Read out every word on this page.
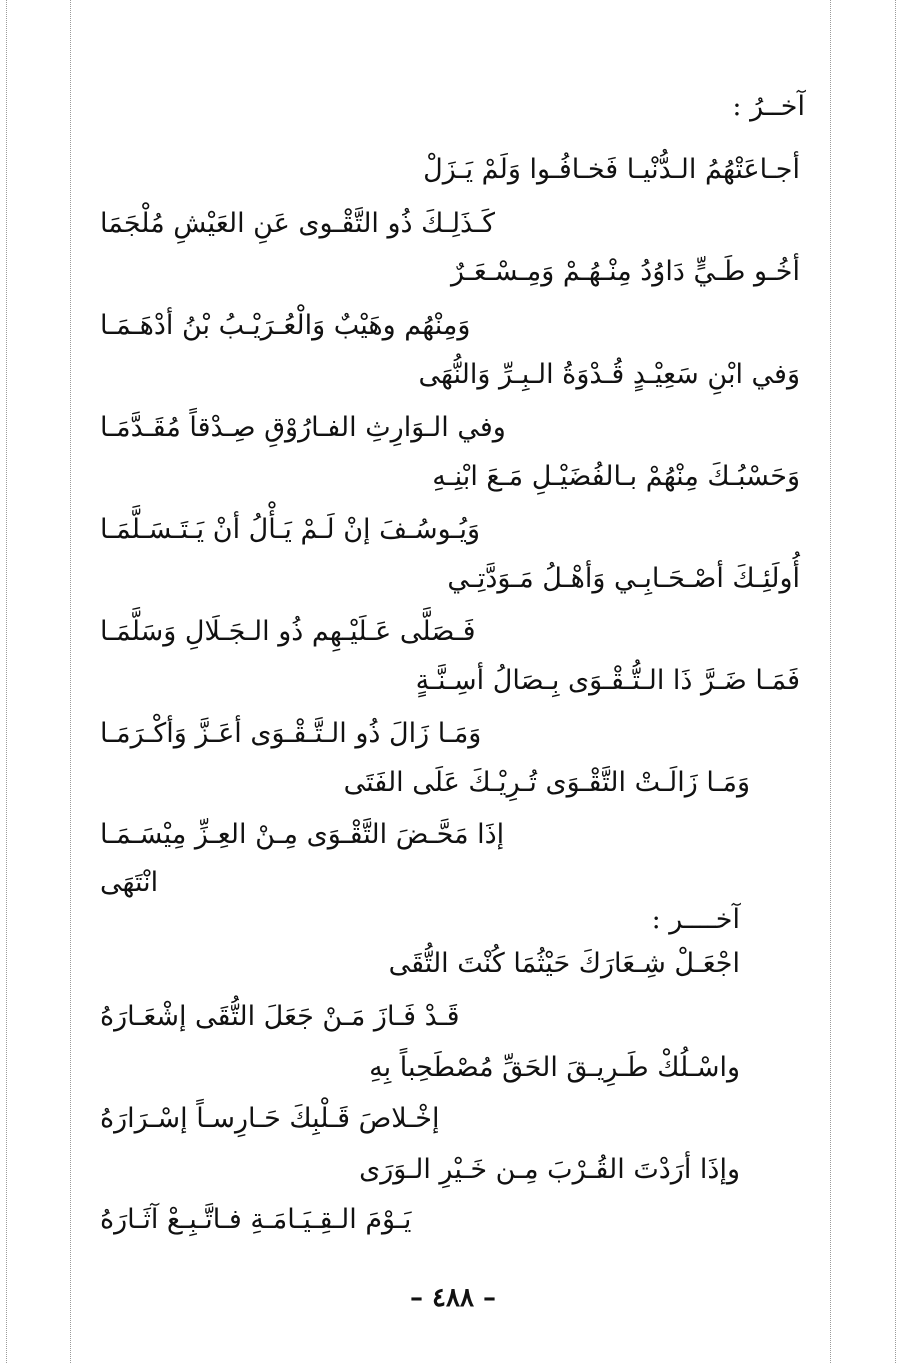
آخــرُ :
أجـاعَتْهُمُ الـدُّنْيـا فَخـافُـوا وَلَمْ يَـزَلْ
كَـذَلِـكَ ذُو التَّقْـوى عَنِ العَيْشِ مُلْجَمَا
أخُـو طَـيٍّ دَاوُدُ مِنْـهُـمْ وَمِـسْـعَـرٌ
وَمِنْهُم وهَيْبٌ وَالْعُـرَيْـبُ بْنُ أدْهَـمَـا
وَفي ابْنِ سَعِيْـدٍ قُـدْوَةُ الـبِـرِّ وَالنُّهَى
وفي الـوَارِثِ الفـارُوْقِ صِـدْقاً مُقَـدَّمَـا
وَحَسْبُـكَ مِنْهُمْ بـالفُضَيْـلِ مَـعَ ابْنِـهِ
وَيُـوسُـفَ إنْ لَـمْ يَـأْلُ أنْ يَـتَـسَـلَّمَـا
أُولَئِـكَ أصْـحَـابِـي وَأهْـلُ مَـوَدَّتِـي
فَـصَلَّى عَـلَيْـهِم ذُو الـجَـلَالِ وَسَلَّمَـا
فَمَـا ضَـرَّ ذَا الـتُّـقْـوَى بِـصَالُ أسِـنَّـةٍ
وَمَـا زَالَ ذُو الـتَّـقْـوَى أعَـزَّ وَأكْـرَمَـا
وَمَـا زَالَـتْ التَّقْـوَى تُـرِيْـكَ عَلَى الفَتَى
إذَا مَحَّـضَ التَّقْـوَى مِـنْ العِـزِّ مِيْسَـمَـا
انْتَهَى
آخــــر :
اجْعَـلْ شِـعَارَكَ حَيْثُمَا كُنْتَ التُّقَى
قَـدْ فَـازَ مَـنْ جَعَلَ التُّقَى إشْعَـارَهُ
واسْـلُكْ طَـرِيـقَ الحَقِّ مُصْطَحِباً بِهِ
إخْـلاصَ قَـلْبِكَ حَـارِسـاً إسْـرَارَهُ
وإذَا أرَدْتَ القُـرْبَ مِـن خَـيْرِ الـوَرَى
يَـوْمَ الـقِـيَـامَـةِ فـاتَّـبِـعْ آثَـارَهُ
– ٤٨٨ –
